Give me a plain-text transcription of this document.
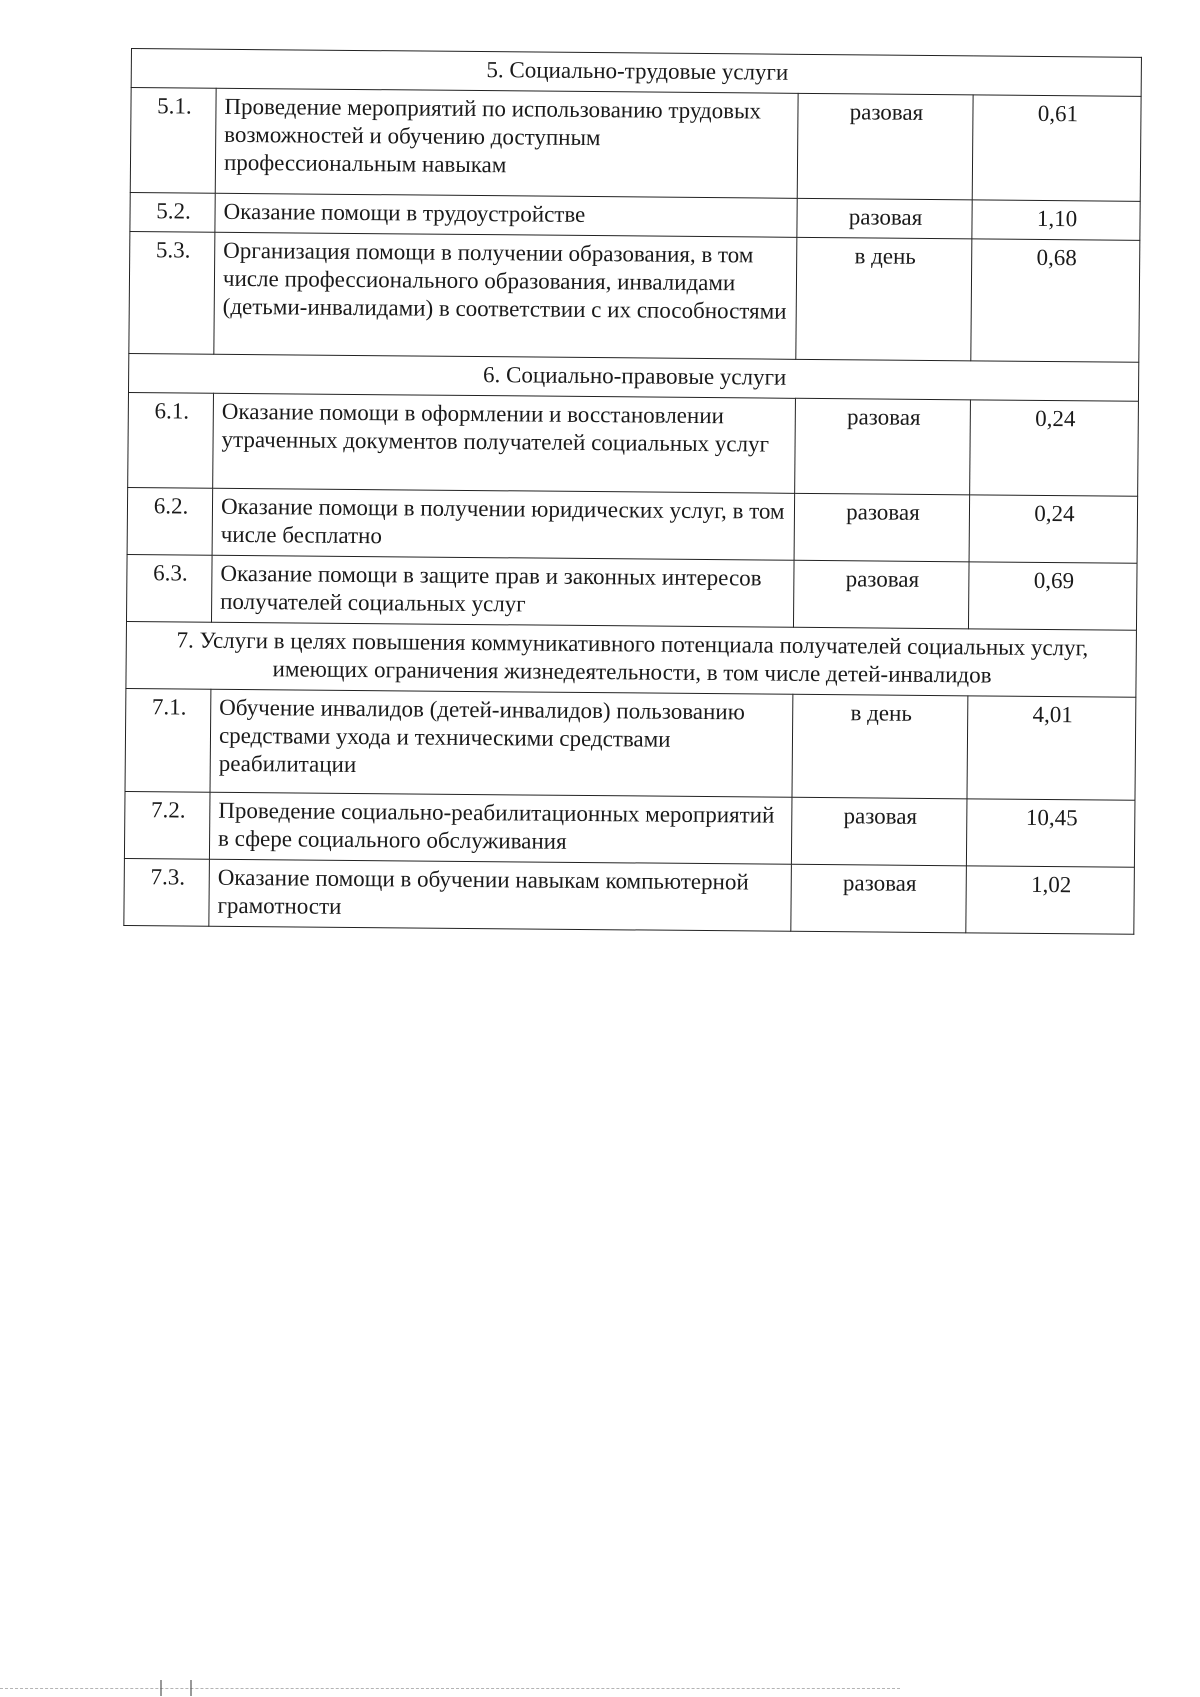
5. Социально-трудовые услуги			
5.1.	Проведение мероприятий по использованию трудовых возможностей и обучению доступным профессиональным навыкам	разовая	0,61
5.2.	Оказание помощи в трудоустройстве	разовая	1,10
5.3.	Организация помощи в получении образования, в том числе профессионального образования, инвалидами (детьми-инвалидами) в соответствии с их способностями	в день	0,68
6. Социально-правовые услуги			
6.1.	Оказание помощи в оформлении и восстановлении утраченных документов получателей социальных услуг	разовая	0,24
6.2.	Оказание помощи в получении юридических услуг, в том числе бесплатно	разовая	0,24
6.3.	Оказание помощи в защите прав и законных интересов получателей социальных услуг	разовая	0,69
7. Услуги в целях повышения коммуникативного потенциала получателей социальных услуг, имеющих ограничения жизнедеятельности, в том числе детей-инвалидов			
7.1.	Обучение инвалидов (детей-инвалидов) пользованию средствами ухода и техническими средствами реабилитации	в день	4,01
7.2.	Проведение социально-реабилитационных мероприятий в сфере социального обслуживания	разовая	10,45
7.3.	Оказание помощи в обучении навыкам компьютерной грамотности	разовая	1,02
